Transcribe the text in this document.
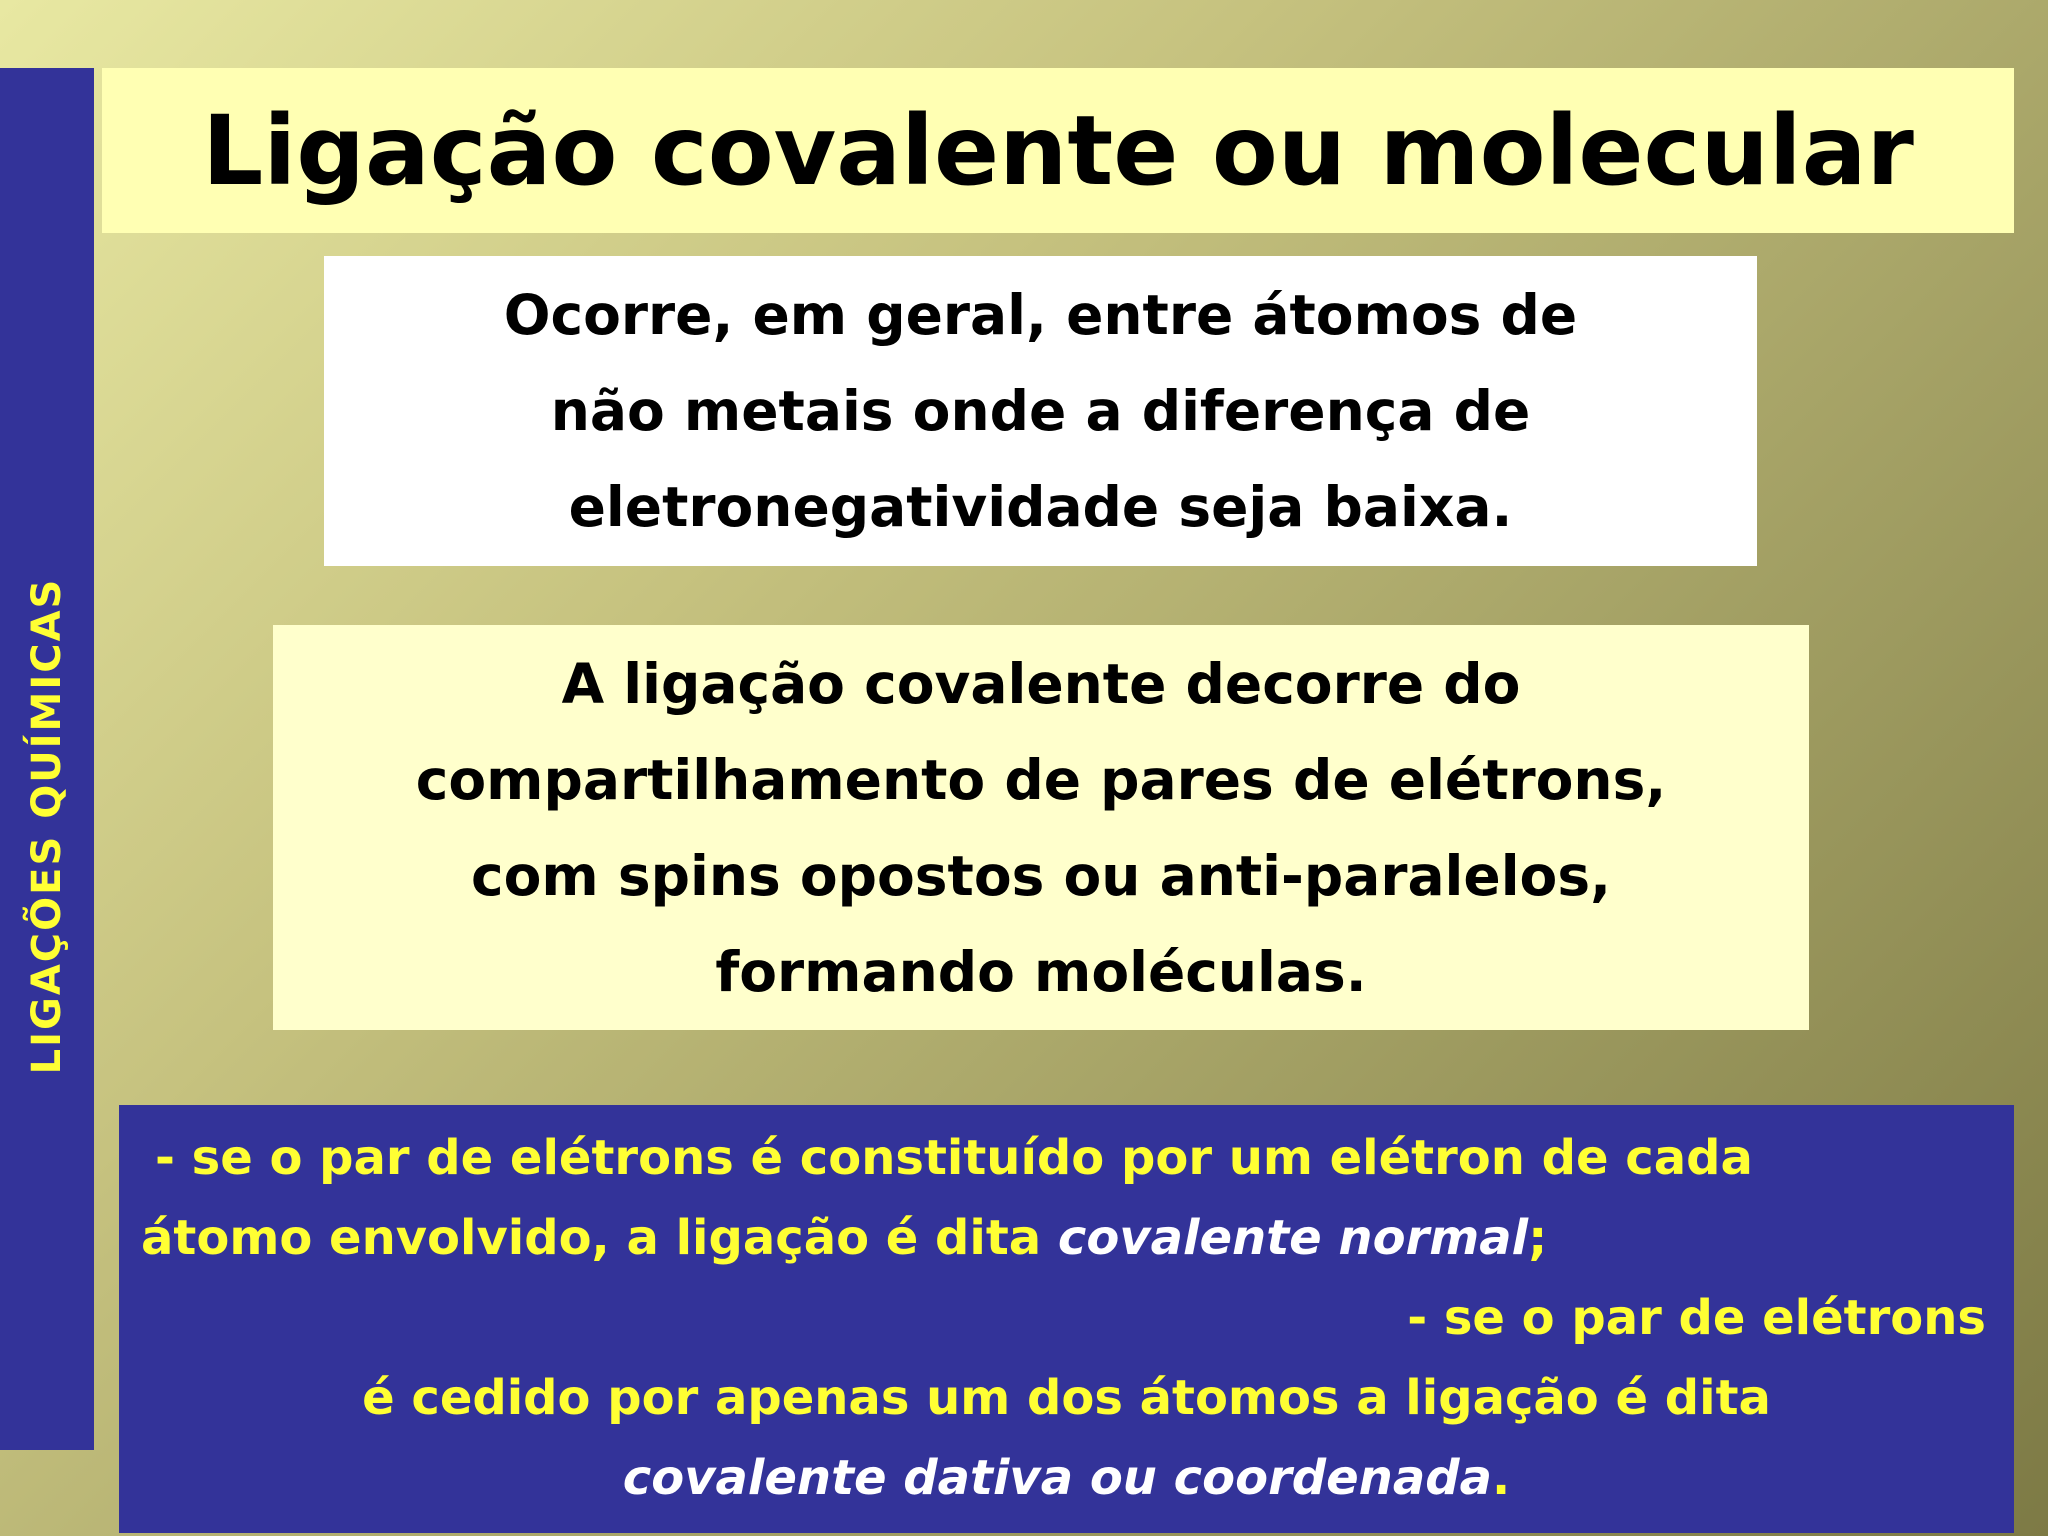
LIGAÇÕES QUÍMICAS
Ligação covalente ou molecular
Ocorre, em geral, entre átomos de
não metais onde a diferença de
eletronegatividade seja baixa.
A ligação covalente decorre do
compartilhamento de pares de elétrons,
com spins opostos ou anti-paralelos,
formando moléculas.
- se o par de elétrons é constituído por um elétron de cada
átomo envolvido, a ligação é dita covalente normal;
- se o par de elétrons
é cedido por apenas um dos átomos a ligação é dita
covalente dativa ou coordenada.
